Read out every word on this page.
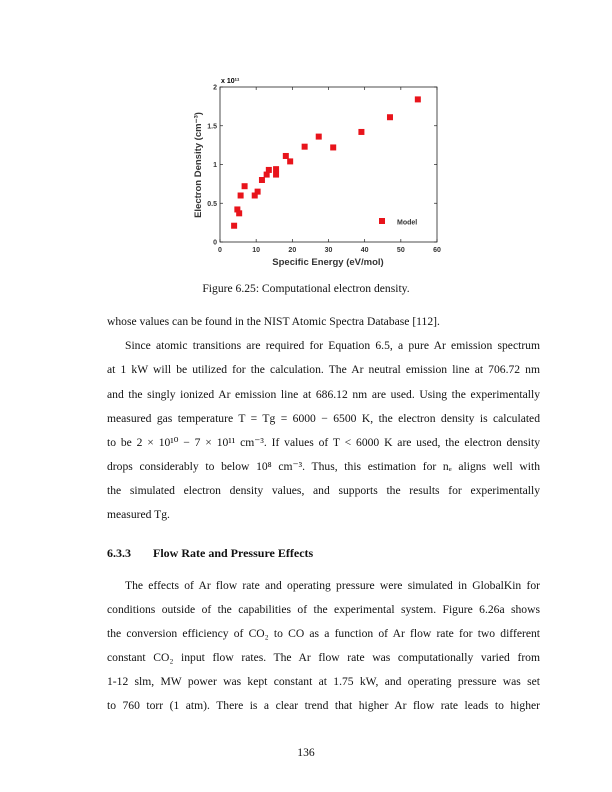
0	10	20	30	40	50	60
0
0.5
1
1.5
2
x 10¹¹
Specific Energy (eV/mol)
Electron Density (cm⁻³)
Model
Figure 6.25: Computational electron density.
whose values can be found in the NIST Atomic Spectra Database [112].
Since atomic transitions are required for Equation 6.5, a pure Ar emission spectrum
at 1 kW will be utilized for the calculation. The Ar neutral emission line at 706.72 nm
and the singly ionized Ar emission line at 686.12 nm are used. Using the experimentally
measured gas temperature T = Tg = 6000 − 6500 K, the electron density is calculated
to be 2 × 10¹⁰ − 7 × 10¹¹ cm⁻³. If values of T < 6000 K are used, the electron density
drops considerably to below 10⁸ cm⁻³. Thus, this estimation for nₑ aligns well with
the simulated electron density values, and supports the results for experimentally
measured Tg.
The effects of Ar flow rate and operating pressure were simulated in GlobalKin for
conditions outside of the capabilities of the experimental system. Figure 6.26a shows
the conversion efficiency of CO₂ to CO as a function of Ar flow rate for two different
constant CO₂ input flow rates. The Ar flow rate was computationally varied from
1-12 slm, MW power was kept constant at 1.75 kW, and operating pressure was set
to 760 torr (1 atm). There is a clear trend that higher Ar flow rate leads to higher
6.3.3 Flow Rate and Pressure Effects
136
